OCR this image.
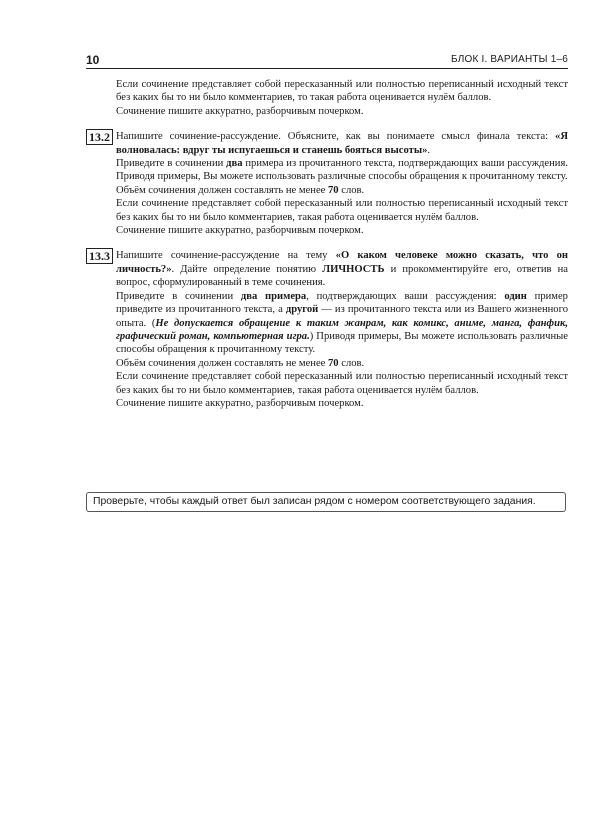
10	БЛОК I. ВАРИАНТЫ 1–6

Если сочинение представляет собой пересказанный или полностью переписанный исходный текст без каких бы то ни было комментариев, то такая работа оценивается нулём баллов.

Сочинение пишите аккуратно, разборчивым почерком.

13.2 Напишите сочинение-рассуждение. Объясните, как вы понимаете смысл финала текста: «Я волновалась: вдруг ты испугаешься и станешь бояться высоты».

Приведите в сочинении два примера из прочитанного текста, подтверждающих ваши рассуждения. Приводя примеры, Вы можете использовать различные способы обращения к прочитанному тексту.

Объём сочинения должен составлять не менее 70 слов.

Если сочинение представляет собой пересказанный или полностью переписанный исходный текст без каких бы то ни было комментариев, такая работа оценивается нулём баллов.

Сочинение пишите аккуратно, разборчивым почерком.

13.3 Напишите сочинение-рассуждение на тему «О каком человеке можно сказать, что он личность?». Дайте определение понятию ЛИЧНОСТЬ и прокомментируйте его, ответив на вопрос, сформулированный в теме сочинения.

Приведите в сочинении два примера, подтверждающих ваши рассуждения: один пример приведите из прочитанного текста, а другой — из прочитанного текста или из Вашего жизненного опыта. (Не допускается обращение к таким жанрам, как комикс, аниме, манга, фанфик, графический роман, компьютерная игра.) Приводя примеры, Вы можете использовать различные способы обращения к прочитанному тексту.

Объём сочинения должен составлять не менее 70 слов.

Если сочинение представляет собой пересказанный или полностью переписанный исходный текст без каких бы то ни было комментариев, такая работа оценивается нулём баллов.

Сочинение пишите аккуратно, разборчивым почерком.

Проверьте, чтобы каждый ответ был записан рядом с номером соответствующего задания.
